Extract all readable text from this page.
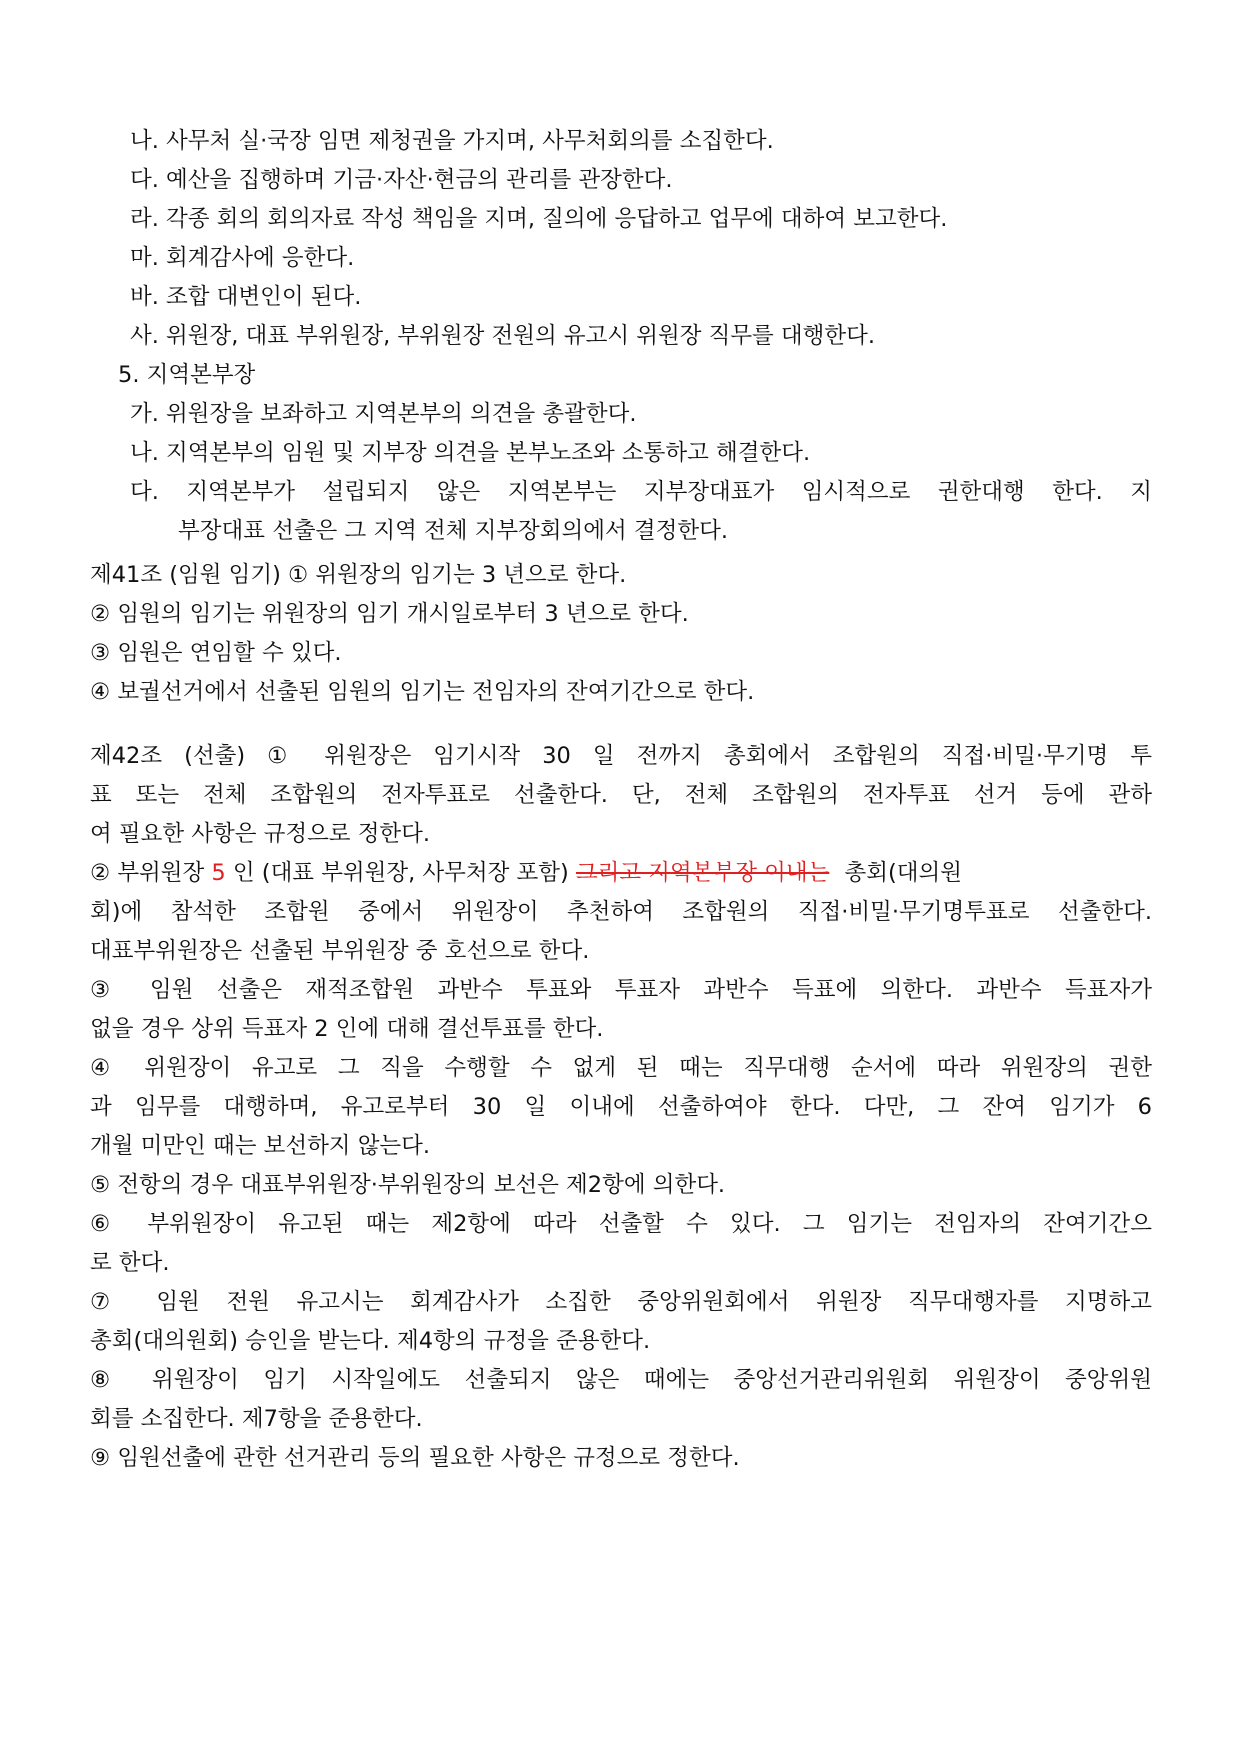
나. 사무처 실·국장 임면 제청권을 가지며, 사무처회의를 소집한다.
다. 예산을 집행하며 기금·자산·현금의 관리를 관장한다.
라. 각종 회의 회의자료 작성 책임을 지며, 질의에 응답하고 업무에 대하여 보고한다.
마. 회계감사에 응한다.
바. 조합 대변인이 된다.
사. 위원장, 대표 부위원장, 부위원장 전원의 유고시 위원장 직무를 대행한다.
5. 지역본부장
가. 위원장을 보좌하고 지역본부의 의견을 총괄한다.
나. 지역본부의 임원 및 지부장 의견을 본부노조와 소통하고 해결한다.
다. 지역본부가 설립되지 않은 지역본부는 지부장대표가 임시적으로 권한대행 한다. 지
부장대표 선출은 그 지역 전체 지부장회의에서 결정한다.
제41조 (임원 임기) ① 위원장의 임기는 3 년으로 한다.
② 임원의 임기는 위원장의 임기 개시일로부터 3 년으로 한다.
③ 임원은 연임할 수 있다.
④ 보궐선거에서 선출된 임원의 임기는 전임자의 잔여기간으로 한다.
제42조 (선출) ① 위원장은 임기시작 30 일 전까지 총회에서 조합원의 직접·비밀·무기명 투
표 또는 전체 조합원의 전자투표로 선출한다. 단, 전체 조합원의 전자투표 선거 등에 관하
여 필요한 사항은 규정으로 정한다.
② 부위원장 5 인 (대표 부위원장, 사무처장 포함) 그리고 지역본부장 이내는 총회(대의원
회)에 참석한 조합원 중에서 위원장이 추천하여 조합원의 직접·비밀·무기명투표로 선출한다.
대표부위원장은 선출된 부위원장 중 호선으로 한다.
③ 임원 선출은 재적조합원 과반수 투표와 투표자 과반수 득표에 의한다. 과반수 득표자가
없을 경우 상위 득표자 2 인에 대해 결선투표를 한다.
④ 위원장이 유고로 그 직을 수행할 수 없게 된 때는 직무대행 순서에 따라 위원장의 권한
과 임무를 대행하며, 유고로부터 30 일 이내에 선출하여야 한다. 다만, 그 잔여 임기가 6
개월 미만인 때는 보선하지 않는다.
⑤ 전항의 경우 대표부위원장·부위원장의 보선은 제2항에 의한다.
⑥ 부위원장이 유고된 때는 제2항에 따라 선출할 수 있다. 그 임기는 전임자의 잔여기간으
로 한다.
⑦ 임원 전원 유고시는 회계감사가 소집한 중앙위원회에서 위원장 직무대행자를 지명하고
총회(대의원회) 승인을 받는다. 제4항의 규정을 준용한다.
⑧ 위원장이 임기 시작일에도 선출되지 않은 때에는 중앙선거관리위원회 위원장이 중앙위원
회를 소집한다. 제7항을 준용한다.
⑨ 임원선출에 관한 선거관리 등의 필요한 사항은 규정으로 정한다.
